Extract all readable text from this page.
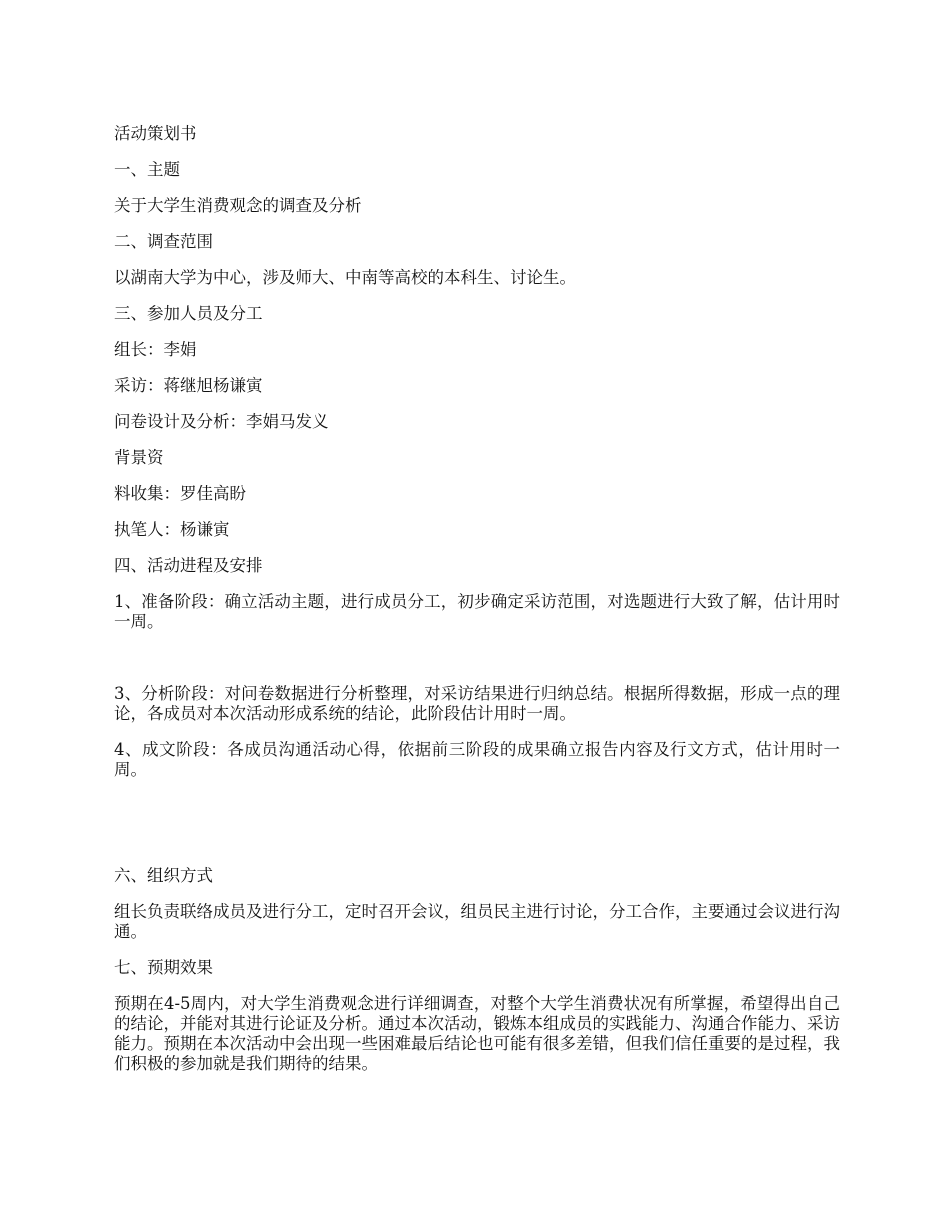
活动策划书

一、主题

关于大学生消费观念的调查及分析

二、调查范围

以湖南大学为中心，涉及师大、中南等高校的本科生、讨论生。

三、参加人员及分工

组长：李娟

采访：蒋继旭杨谦寅

问卷设计及分析：李娟马发义

背景资

料收集：罗佳高盼

执笔人：杨谦寅

四、活动进程及安排

1、准备阶段：确立活动主题，进行成员分工，初步确定采访范围，对选题进行大致了解，估计用时一周。

3、分析阶段：对问卷数据进行分析整理，对采访结果进行归纳总结。根据所得数据，形成一点的理论，各成员对本次活动形成系统的结论，此阶段估计用时一周。

4、成文阶段：各成员沟通活动心得，依据前三阶段的成果确立报告内容及行文方式，估计用时一周。

六、组织方式

组长负责联络成员及进行分工，定时召开会议，组员民主进行讨论，分工合作，主要通过会议进行沟通。

七、预期效果

预期在4-5周内，对大学生消费观念进行详细调查，对整个大学生消费状况有所掌握，希望得出自己的结论，并能对其进行论证及分析。通过本次活动，锻炼本组成员的实践能力、沟通合作能力、采访能力。预期在本次活动中会出现一些困难最后结论也可能有很多差错，但我们信任重要的是过程，我们积极的参加就是我们期待的结果。
